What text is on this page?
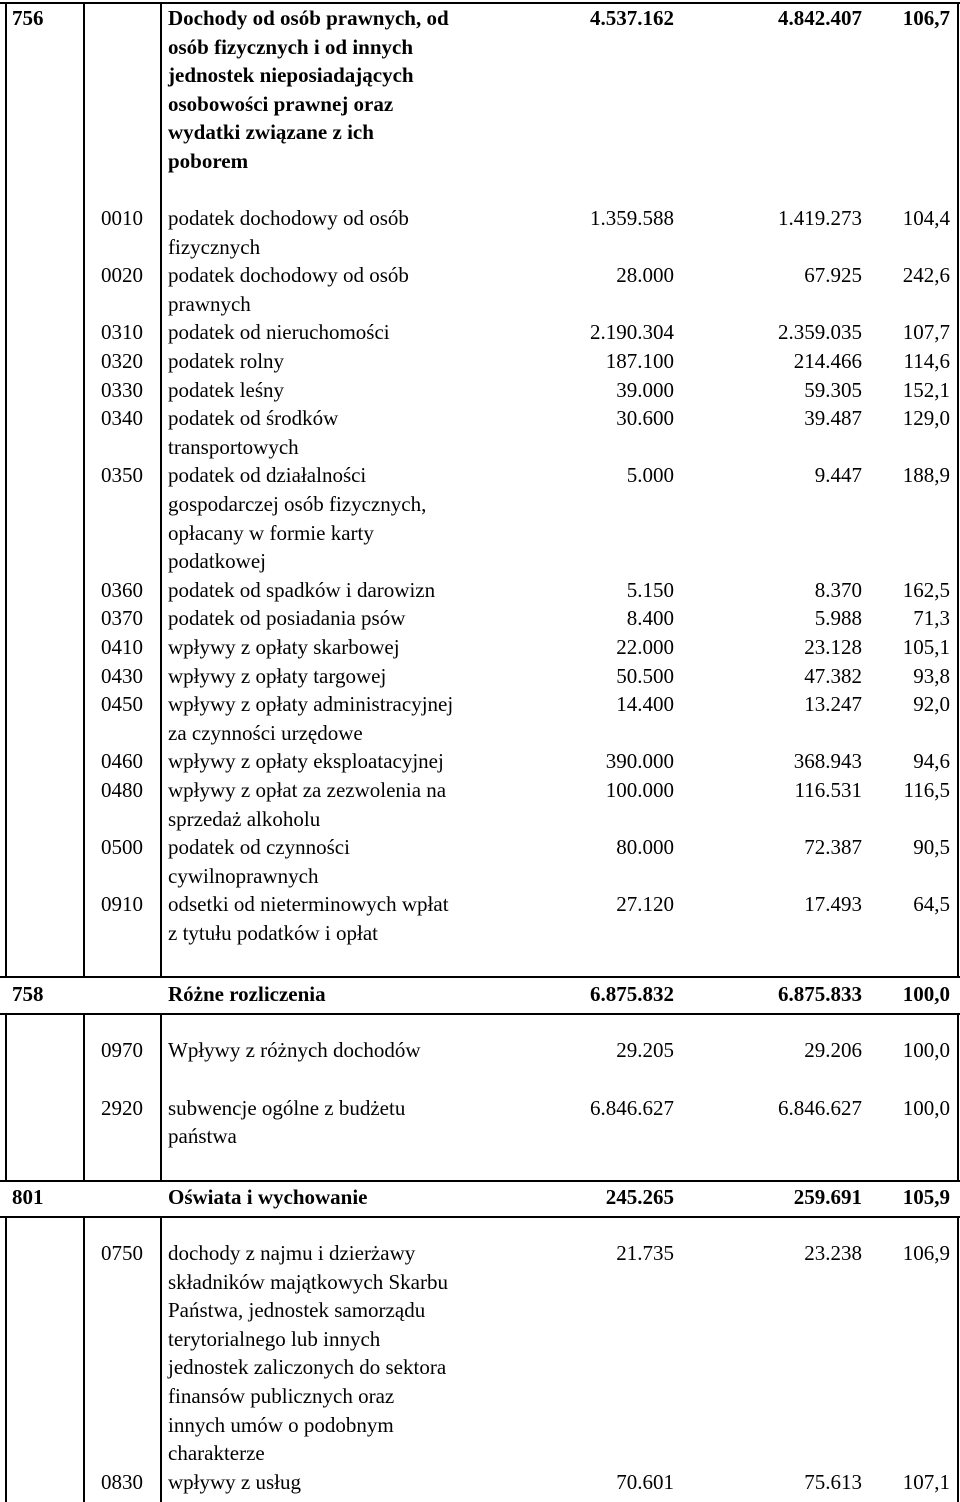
756	Dochody od osób prawnych, od
osób fizycznych i od innych
jednostek nieposiadających
osobowości prawnej oraz
wydatki związane z ich
poborem
4.537.162	4.842.407 106,7
0010 podatek dochodowy od osób
fizycznych
1.359.588	1.419.273 104,4
0020 podatek dochodowy od osób
prawnych
28.000	67.925 242,6
0310 podatek od nieruchomości	2.190.304	2.359.035 107,7
0320 podatek rolny	187.100	214.466 114,6
0330 podatek leśny	39.000	59.305 152,1
0340 podatek od środków
transportowych
30.600	39.487 129,0
0350 podatek od działalności
gospodarczej osób fizycznych,
opłacany w formie karty
podatkowej
5.000	9.447 188,9
0360 podatek od spadków i darowizn	5.150	8.370 162,5
0370 podatek od posiadania psów	8.400	5.988 71,3
0410 wpływy z opłaty skarbowej	22.000	23.128 105,1
0430 wpływy z opłaty targowej	50.500	47.382 93,8
0450 wpływy z opłaty administracyjnej
za czynności urzędowe
14.400	13.247 92,0
0460 wpływy z opłaty eksploatacyjnej	390.000	368.943 94,6
0480 wpływy z opłat za zezwolenia na
sprzedaż alkoholu
100.000	116.531 116,5
0500 podatek od czynności
cywilnoprawnych
80.000	72.387 90,5
0910 odsetki od nieterminowych wpłat
z tytułu podatków i opłat
27.120	17.493 64,5
758	Różne rozliczenia	6.875.832	6.875.833 100,0
0970 Wpływy z różnych dochodów	29.205	29.206 100,0
2920 subwencje ogólne z budżetu
państwa
6.846.627	6.846.627 100,0
801	Oświata i wychowanie	245.265	259.691 105,9
0750 dochody z najmu i dzierżawy
składników majątkowych Skarbu
Państwa, jednostek samorządu
terytorialnego lub innych
jednostek zaliczonych do sektora
finansów publicznych oraz
innych umów o podobnym
charakterze
21.735	23.238 106,9
0830 wpływy z usług	70.601	75.613 107,1
